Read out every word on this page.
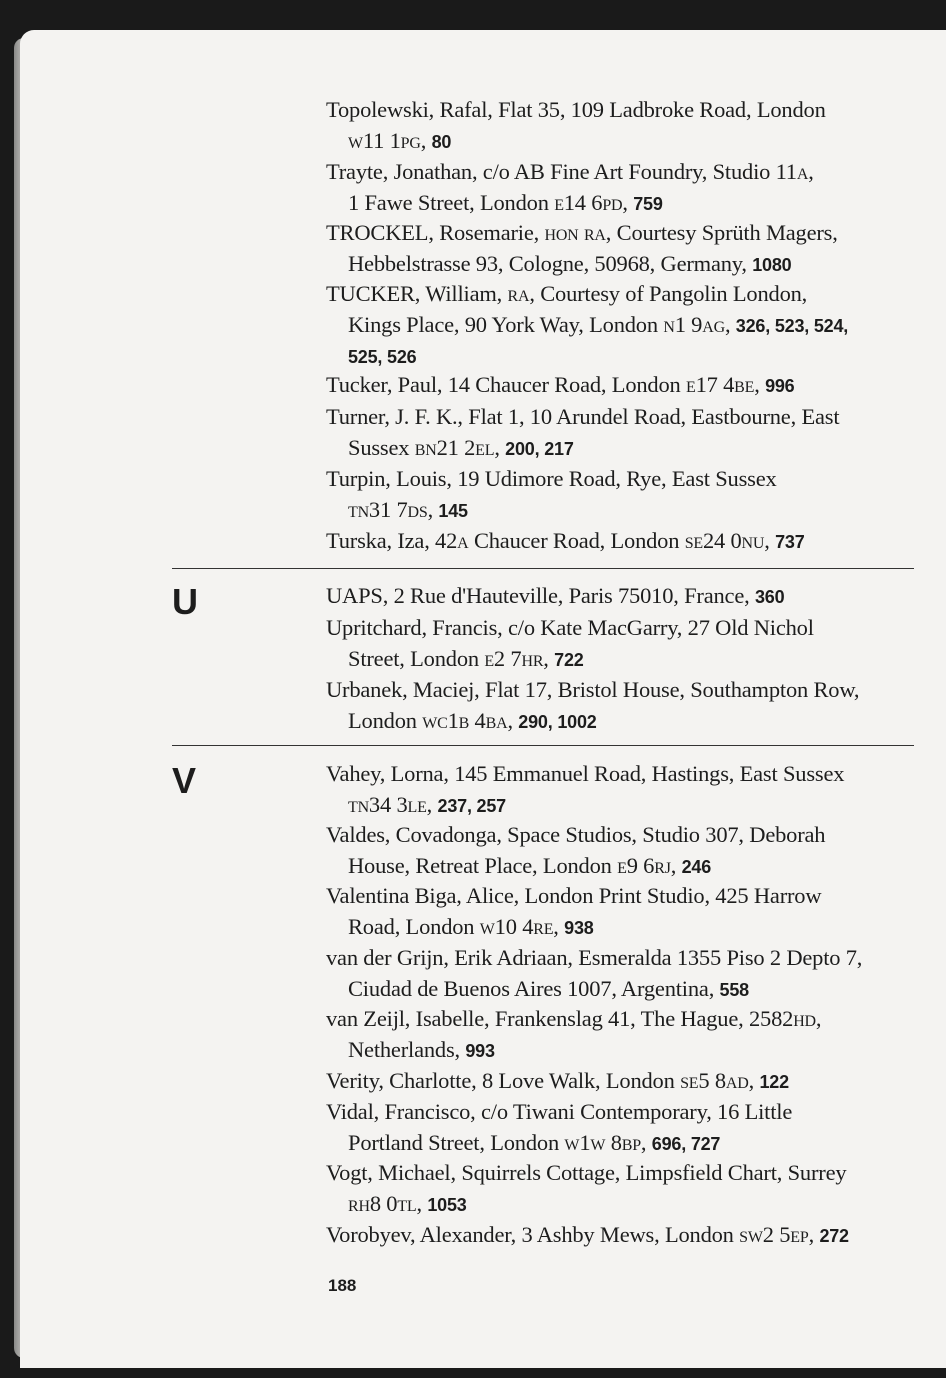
Topolewski, Rafal, Flat 35, 109 Ladbroke Road, London
w11 1pg, 80
Trayte, Jonathan, c/o AB Fine Art Foundry, Studio 11a,
1 Fawe Street, London e14 6pd, 759
TROCKEL, Rosemarie, hon ra, Courtesy Sprüth Magers,
Hebbelstrasse 93, Cologne, 50968, Germany, 1080
TUCKER, William, ra, Courtesy of Pangolin London,
Kings Place, 90 York Way, London n1 9ag, 326, 523, 524,
525, 526
Tucker, Paul, 14 Chaucer Road, London e17 4be, 996
Turner, J. F. K., Flat 1, 10 Arundel Road, Eastbourne, East
Sussex bn21 2el, 200, 217
Turpin, Louis, 19 Udimore Road, Rye, East Sussex
tn31 7ds, 145
Turska, Iza, 42a Chaucer Road, London se24 0nu, 737
U	UAPS, 2 Rue d'Hauteville, Paris 75010, France, 360
Upritchard, Francis, c/o Kate MacGarry, 27 Old Nichol
Street, London e2 7hr, 722
Urbanek, Maciej, Flat 17, Bristol House, Southampton Row,
London wc1b 4ba, 290, 1002
V	Vahey, Lorna, 145 Emmanuel Road, Hastings, East Sussex
tn34 3le, 237, 257
Valdes, Covadonga, Space Studios, Studio 307, Deborah
House, Retreat Place, London e9 6rj, 246
Valentina Biga, Alice, London Print Studio, 425 Harrow
Road, London w10 4re, 938
van der Grijn, Erik Adriaan, Esmeralda 1355 Piso 2 Depto 7,
Ciudad de Buenos Aires 1007, Argentina, 558
van Zeijl, Isabelle, Frankenslag 41, The Hague, 2582hd,
Netherlands, 993
Verity, Charlotte, 8 Love Walk, London se5 8ad, 122
Vidal, Francisco, c/o Tiwani Contemporary, 16 Little
Portland Street, London w1w 8bp, 696, 727
Vogt, Michael, Squirrels Cottage, Limpsfield Chart, Surrey
rh8 0tl, 1053
Vorobyev, Alexander, 3 Ashby Mews, London sw2 5ep, 272
188
